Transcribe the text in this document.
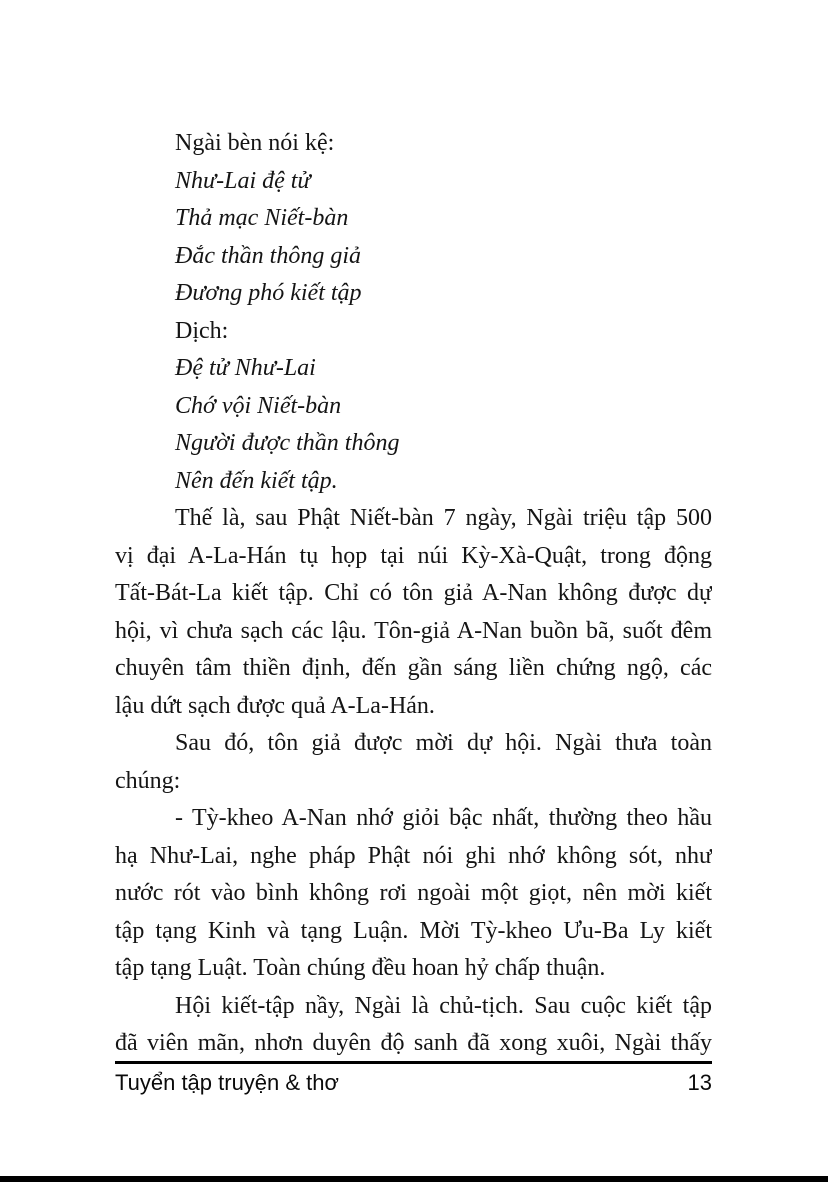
Ngài bèn nói kệ:
Như-Lai đệ tử
Thả mạc Niết-bàn
Đắc thần thông giả
Đương phó kiết tập
Dịch:
Đệ tử Như-Lai
Chớ vội Niết-bàn
Người được thần thông
Nên đến kiết tập.
Thế là, sau Phật Niết-bàn 7 ngày, Ngài triệu tập 500
vị đại A-La-Hán tụ họp tại núi Kỳ-Xà-Quật, trong động
Tất-Bát-La kiết tập. Chỉ có tôn giả A-Nan không được dự
hội, vì chưa sạch các lậu. Tôn-giả A-Nan buồn bã, suốt đêm
chuyên tâm thiền định, đến gần sáng liền chứng ngộ, các
lậu dứt sạch được quả A-La-Hán.
Sau đó, tôn giả được mời dự hội. Ngài thưa toàn
chúng:
- Tỳ-kheo A-Nan nhớ giỏi bậc nhất, thường theo hầu
hạ Như-Lai, nghe pháp Phật nói ghi nhớ không sót, như
nước rót vào bình không rơi ngoài một giọt, nên mời kiết
tập tạng Kinh và tạng Luận. Mời Tỳ-kheo Ưu-Ba Ly kiết
tập tạng Luật. Toàn chúng đều hoan hỷ chấp thuận.
Hội kiết-tập nầy, Ngài là chủ-tịch. Sau cuộc kiết tập
đã viên mãn, nhơn duyên độ sanh đã xong xuôi, Ngài thấy
Tuyển tập truyện & thơ	13
